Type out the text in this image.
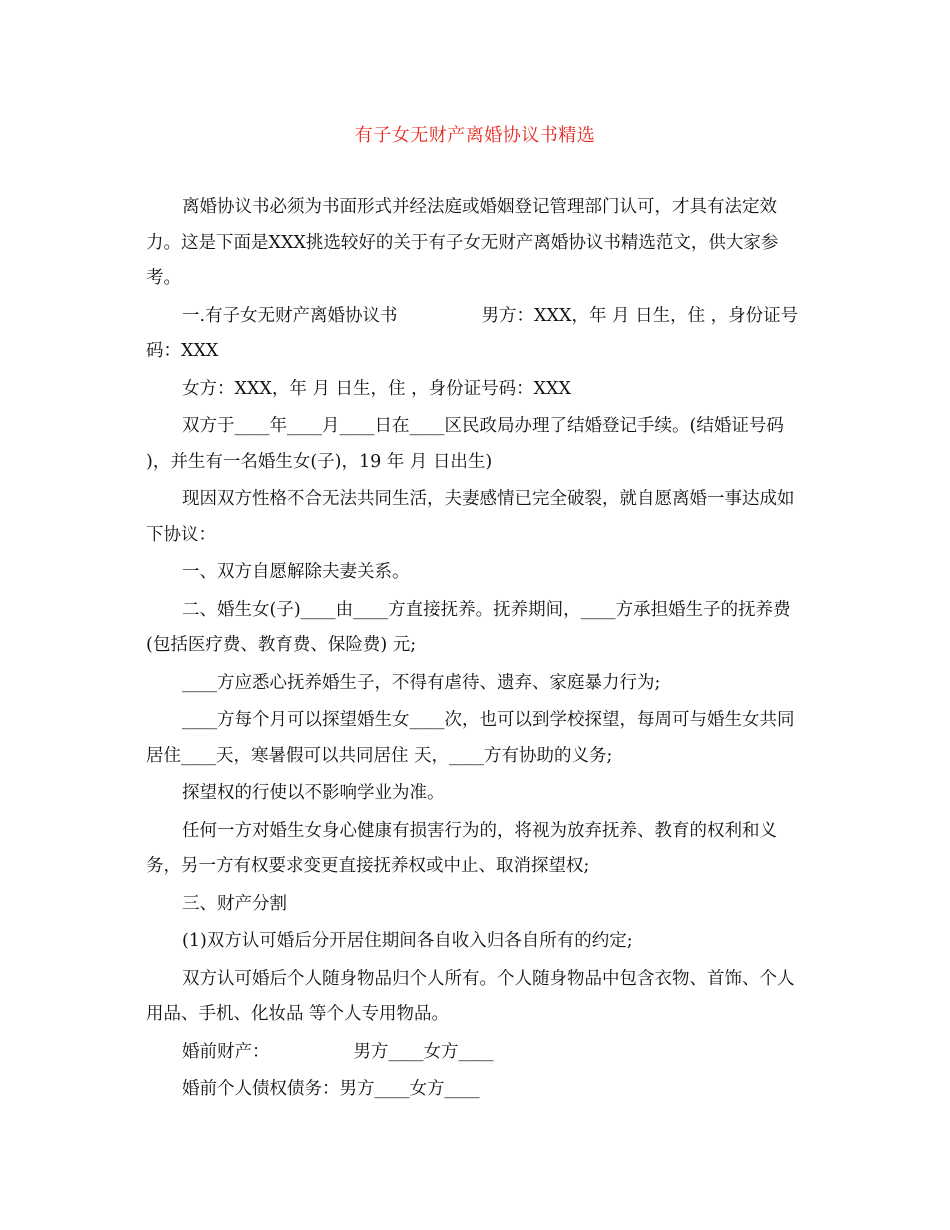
有子女无财产离婚协议书精选

离婚协议书必须为书面形式并经法庭或婚姻登记管理部门认可，才具有法定效力。这是下面是XXX挑选较好的关于有子女无财产离婚协议书精选范文，供大家参考。

一.有子女无财产离婚协议书	男方：XXX，年 月 日生，住 ，身份证号码：XXX

女方：XXX，年 月 日生，住 ，身份证号码：XXX

双方于____年____月____日在____区民政局办理了结婚登记手续。(结婚证号码 )，并生有一名婚生女(子)，19 年 月 日出生)

现因双方性格不合无法共同生活，夫妻感情已完全破裂，就自愿离婚一事达成如下协议：

一、双方自愿解除夫妻关系。

二、婚生女(子)____由____方直接抚养。抚养期间，____方承担婚生子的抚养费(包括医疗费、教育费、保险费) 元;

____方应悉心抚养婚生子，不得有虐待、遗弃、家庭暴力行为;

____方每个月可以探望婚生女____次，也可以到学校探望，每周可与婚生女共同居住____天，寒暑假可以共同居住 天，____方有协助的义务;

探望权的行使以不影响学业为准。

任何一方对婚生女身心健康有损害行为的，将视为放弃抚养、教育的权利和义务，另一方有权要求变更直接抚养权或中止、取消探望权;

三、财产分割

(1)双方认可婚后分开居住期间各自收入归各自所有的约定;

双方认可婚后个人随身物品归个人所有。个人随身物品中包含衣物、首饰、个人用品、手机、化妆品 等个人专用物品。

婚前财产：	男方____女方____

婚前个人债权债务：男方____女方____
